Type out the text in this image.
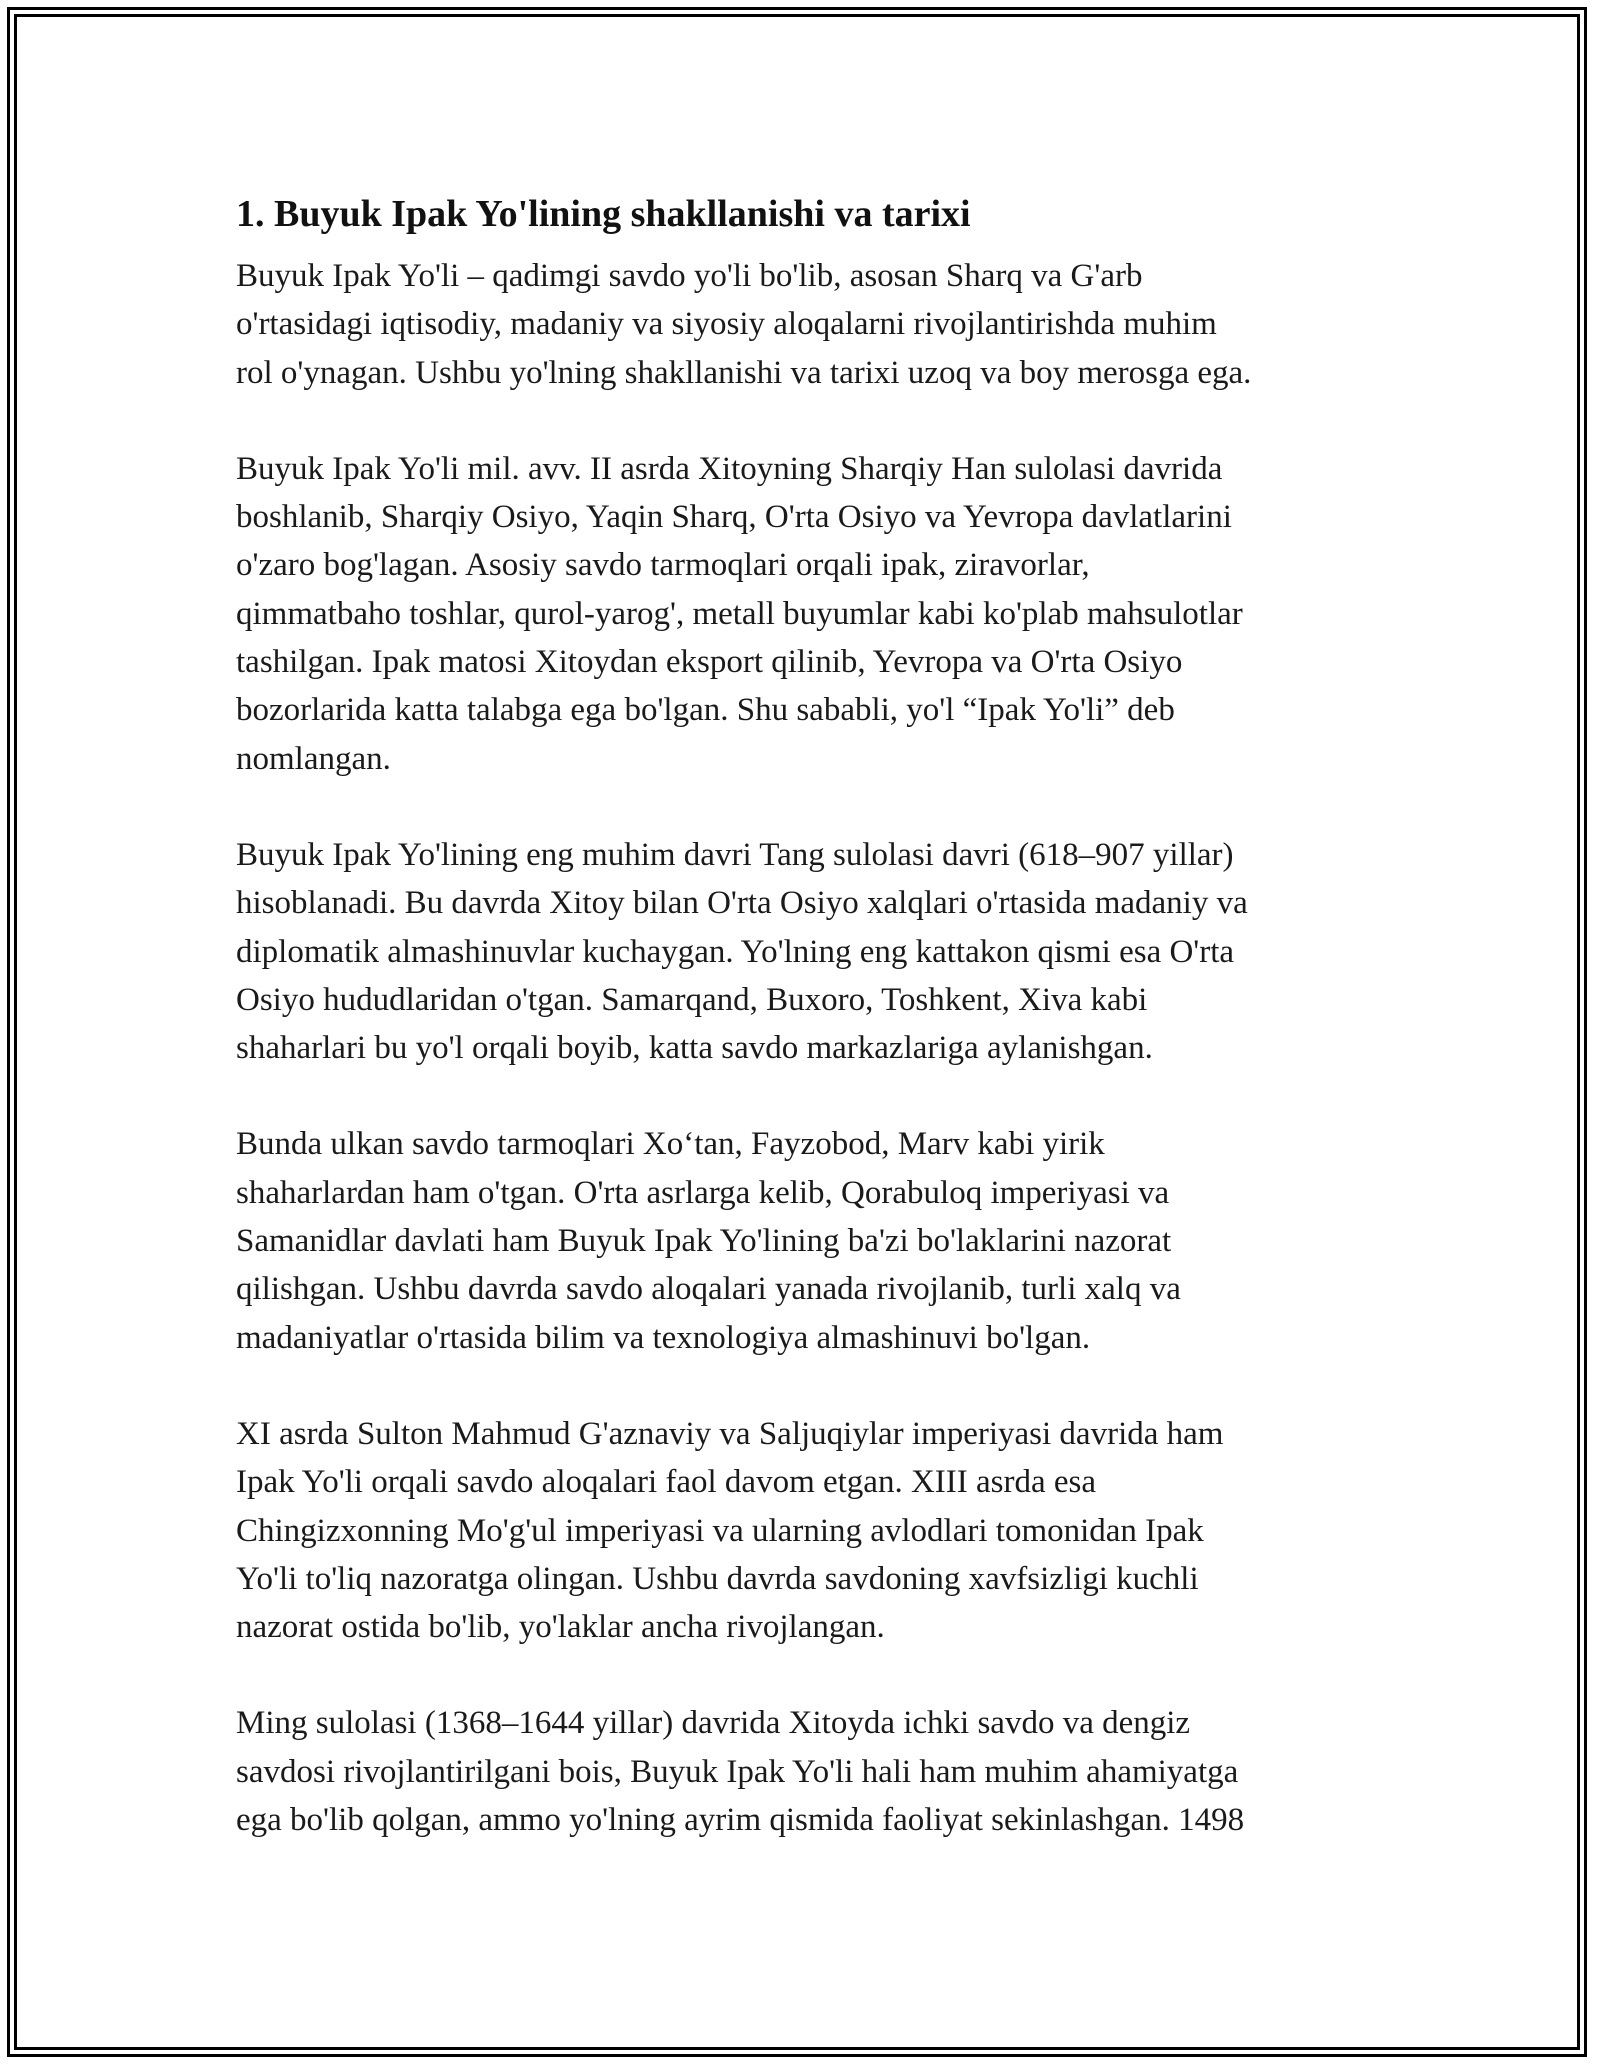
1. Buyuk Ipak Yo'lining shakllanishi va tarixi

Buyuk Ipak Yo'li – qadimgi savdo yo'li bo'lib, asosan Sharq va G'arb
o'rtasidagi iqtisodiy, madaniy va siyosiy aloqalarni rivojlantirishda muhim
rol o'ynagan. Ushbu yo'lning shakllanishi va tarixi uzoq va boy merosga ega.

Buyuk Ipak Yo'li mil. avv. II asrda Xitoyning Sharqiy Han sulolasi davrida
boshlanib, Sharqiy Osiyo, Yaqin Sharq, O'rta Osiyo va Yevropa davlatlarini
o'zaro bog'lagan. Asosiy savdo tarmoqlari orqali ipak, ziravorlar,
qimmatbaho toshlar, qurol-yarog', metall buyumlar kabi ko'plab mahsulotlar
tashilgan. Ipak matosi Xitoydan eksport qilinib, Yevropa va O'rta Osiyo
bozorlarida katta talabga ega bo'lgan. Shu sababli, yo'l “Ipak Yo'li” deb
nomlangan.

Buyuk Ipak Yo'lining eng muhim davri Tang sulolasi davri (618–907 yillar)
hisoblanadi. Bu davrda Xitoy bilan O'rta Osiyo xalqlari o'rtasida madaniy va
diplomatik almashinuvlar kuchaygan. Yo'lning eng kattakon qismi esa O'rta
Osiyo hududlaridan o'tgan. Samarqand, Buxoro, Toshkent, Xiva kabi
shaharlari bu yo'l orqali boyib, katta savdo markazlariga aylanishgan.

Bunda ulkan savdo tarmoqlari Xo‘tan, Fayzobod, Marv kabi yirik
shaharlardan ham o'tgan. O'rta asrlarga kelib, Qorabuloq imperiyasi va
Samanidlar davlati ham Buyuk Ipak Yo'lining ba'zi bo'laklarini nazorat
qilishgan. Ushbu davrda savdo aloqalari yanada rivojlanib, turli xalq va
madaniyatlar o'rtasida bilim va texnologiya almashinuvi bo'lgan.

XI asrda Sulton Mahmud G'aznaviy va Saljuqiylar imperiyasi davrida ham
Ipak Yo'li orqali savdo aloqalari faol davom etgan. XIII asrda esa
Chingizxonning Mo'g'ul imperiyasi va ularning avlodlari tomonidan Ipak
Yo'li to'liq nazoratga olingan. Ushbu davrda savdoning xavfsizligi kuchli
nazorat ostida bo'lib, yo'laklar ancha rivojlangan.

Ming sulolasi (1368–1644 yillar) davrida Xitoyda ichki savdo va dengiz
savdosi rivojlantirilgani bois, Buyuk Ipak Yo'li hali ham muhim ahamiyatga
ega bo'lib qolgan, ammo yo'lning ayrim qismida faoliyat sekinlashgan. 1498
